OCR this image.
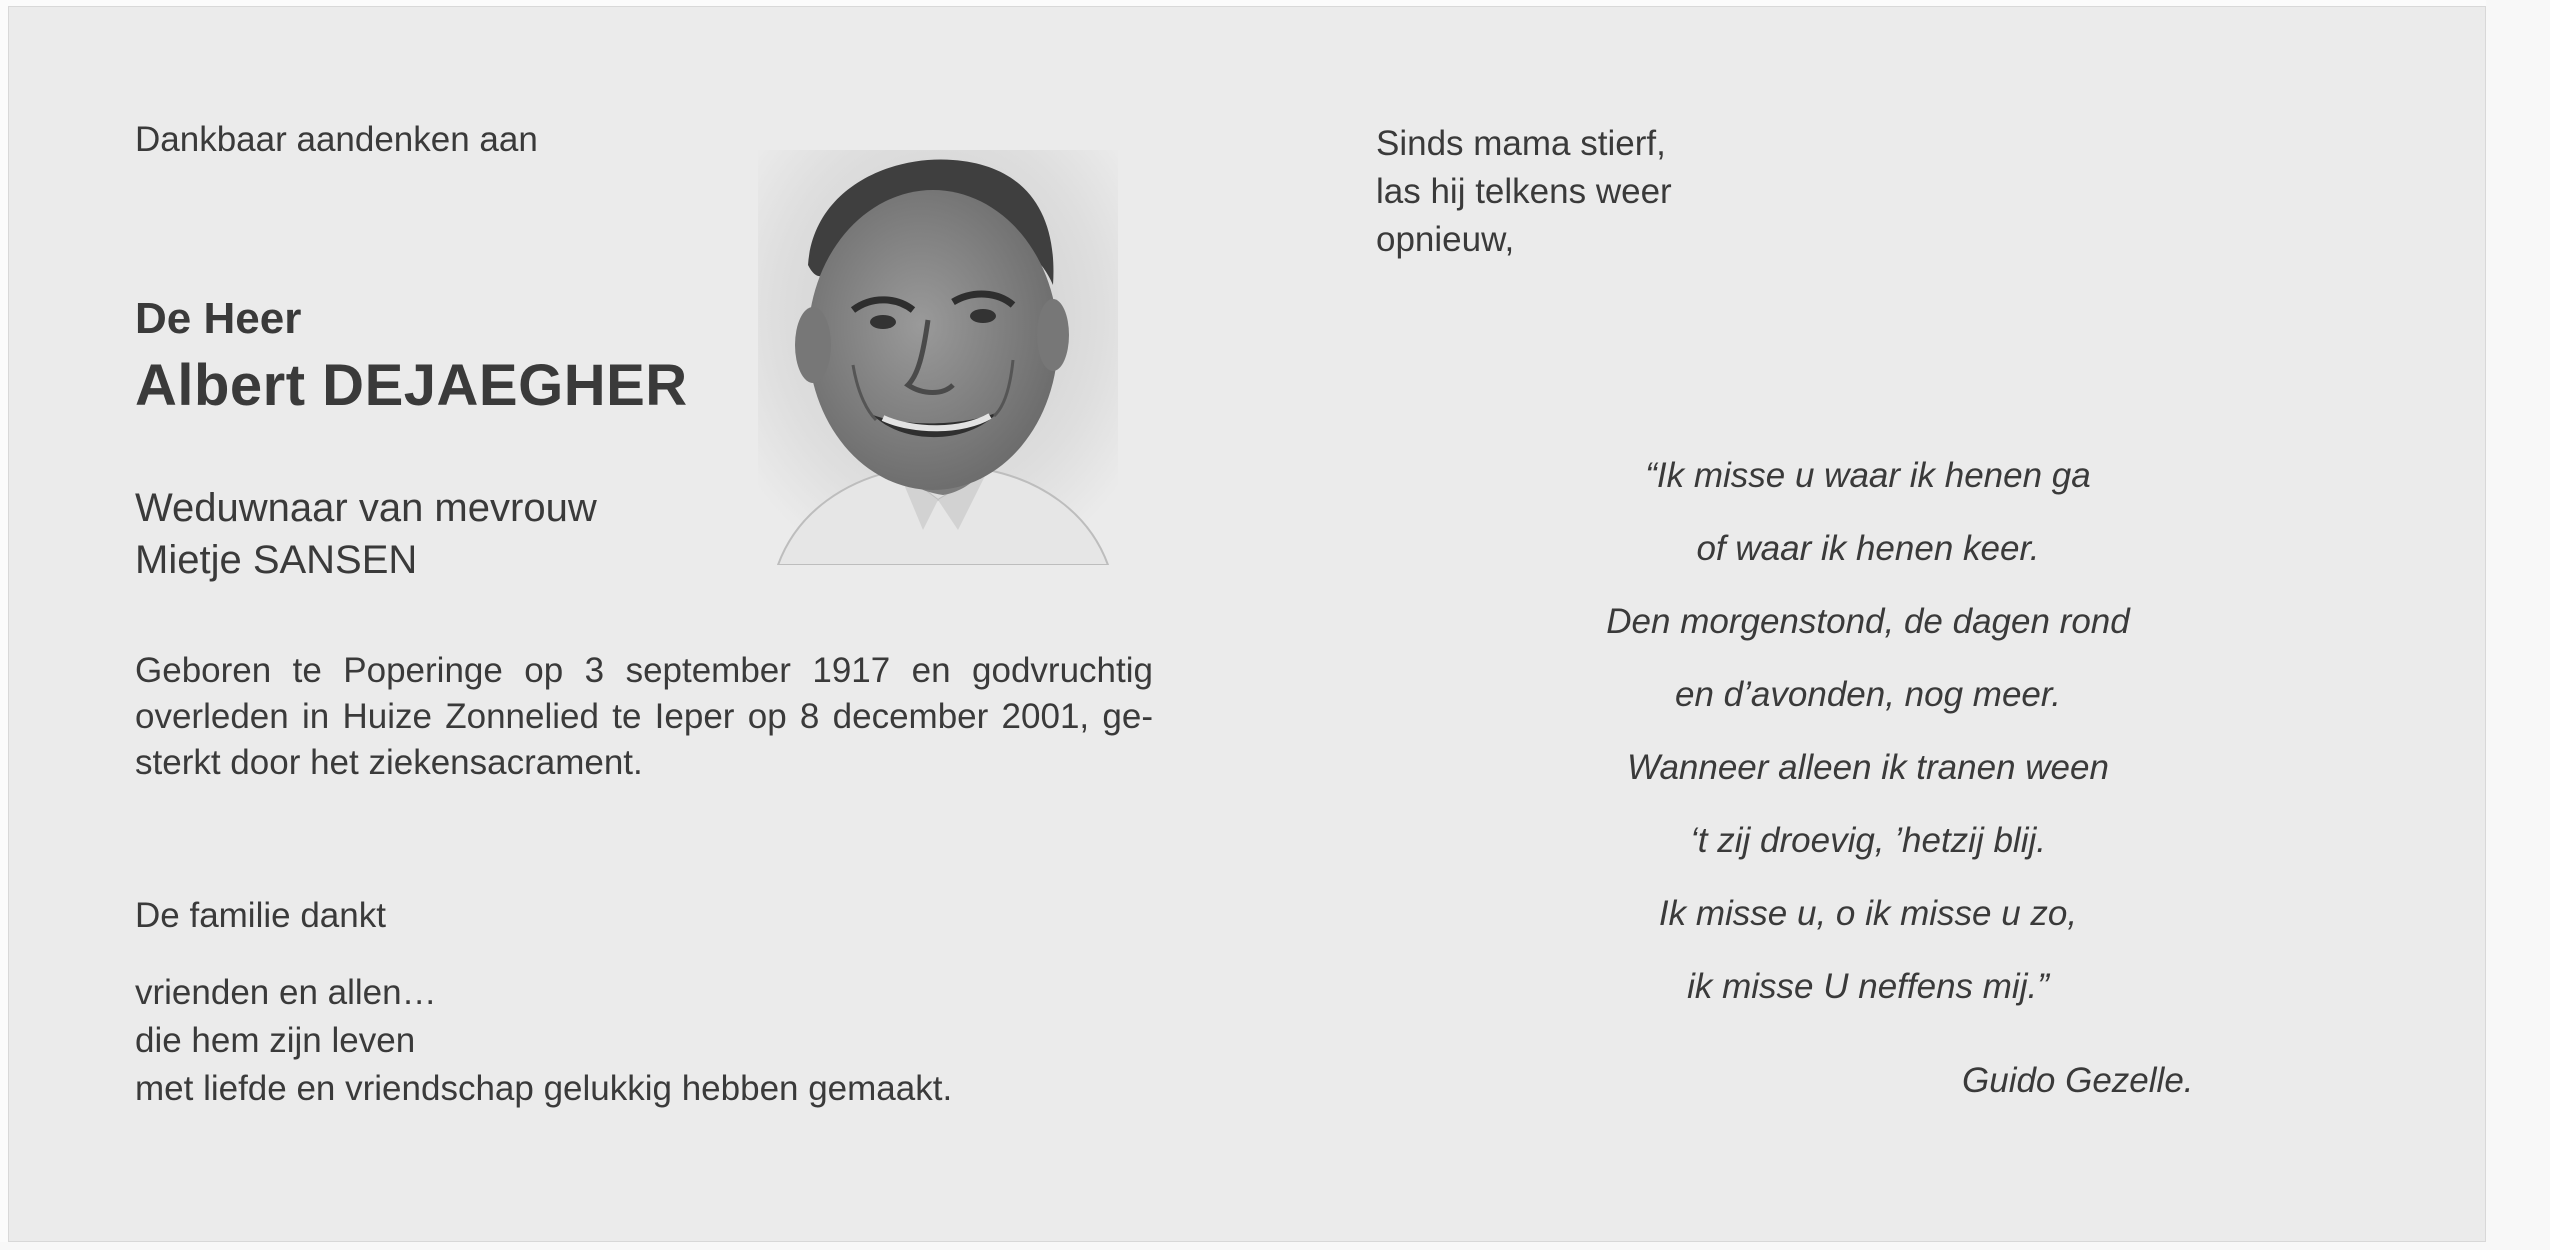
Dankbaar aandenken aan
De Heer
Albert DEJAEGHER
Weduwnaar van mevrouw
Mietje SANSEN
Geboren te Poperinge op 3 september 1917 en godvruchtig
overleden in Huize Zonnelied te Ieper op 8 december 2001, ge-
sterkt door het ziekensacrament.
De familie dankt
vrienden en allen…
die hem zijn leven
met liefde en vriendschap gelukkig hebben gemaakt.
Sinds mama stierf,
las hij telkens weer
opnieuw,
“Ik misse u waar ik henen ga
of waar ik henen keer.
Den morgenstond, de dagen rond
en d’avonden, nog meer.
Wanneer alleen ik tranen ween
‘t zij droevig, ’hetzij blij.
Ik misse u, o ik misse u zo,
ik misse U neffens mij.”
Guido Gezelle.
